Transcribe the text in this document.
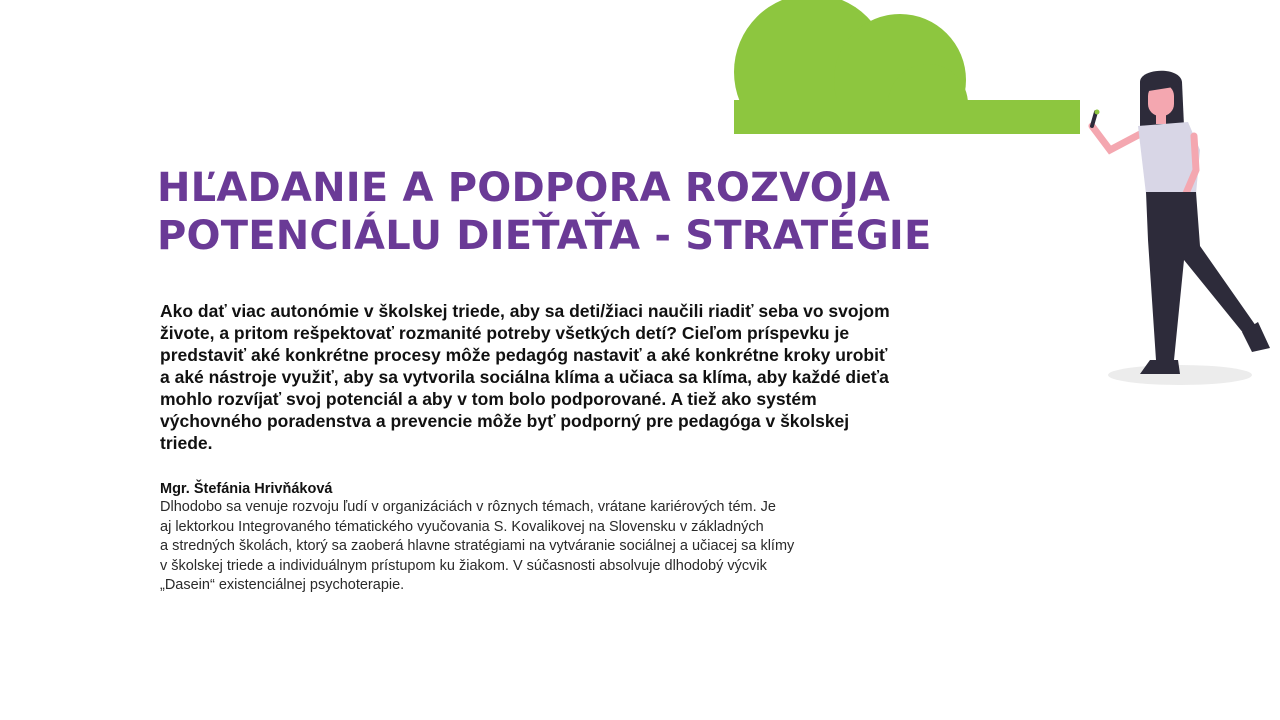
HĽADANIE A PODPORA ROZVOJA
POTENCIÁLU DIEŤAŤA - STRATÉGIE

Ako dať viac autonómie v školskej triede, aby sa deti/žiaci naučili riadiť seba vo svojom
živote, a pritom rešpektovať rozmanité potreby všetkých detí? Cieľom príspevku je
predstaviť aké konkrétne procesy môže pedagóg nastaviť a aké konkrétne kroky urobiť
a aké nástroje využiť, aby sa vytvorila sociálna klíma a učiaca sa klíma, aby každé dieťa
mohlo rozvíjať svoj potenciál a aby v tom bolo podporované. A tiež ako systém
výchovného poradenstva a prevencie môže byť podporný pre pedagóga v školskej
triede.

Mgr. Štefánia Hrivňáková

Dlhodobo sa venuje rozvoju ľudí v organizáciách v rôznych témach, vrátane kariérových tém. Je
aj lektorkou Integrovaného tématického vyučovania S. Kovalikovej na Slovensku v základných
a stredných školách, ktorý sa zaoberá hlavne stratégiami na vytváranie sociálnej a učiacej sa klímy
v školskej triede a individuálnym prístupom ku žiakom. V súčasnosti absolvuje dlhodobý výcvik
„Dasein“ existenciálnej psychoterapie.
